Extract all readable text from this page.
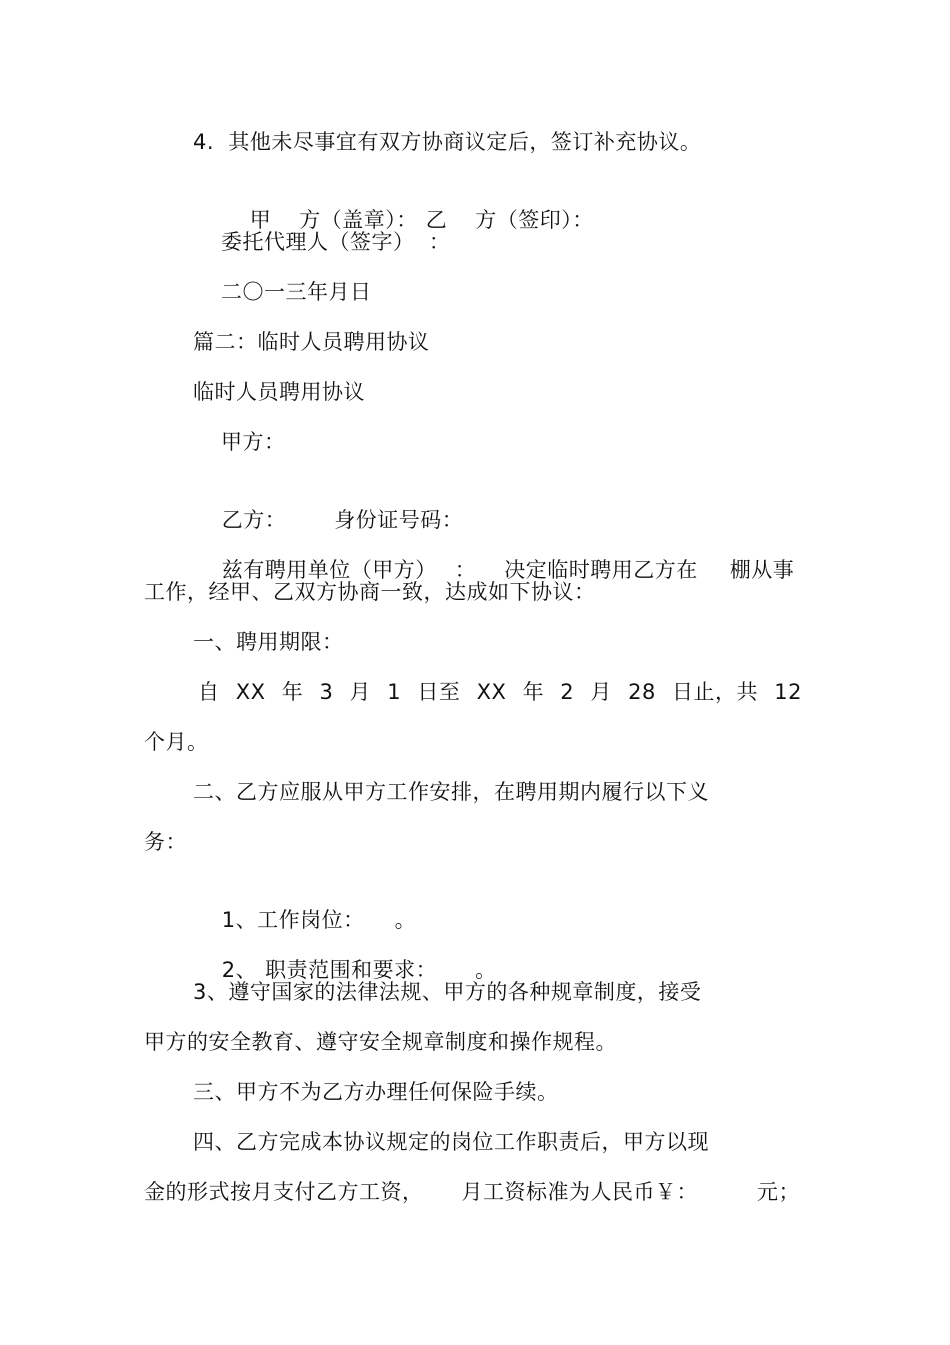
4.  其他未尽事宜有双方协商议定后，签订补充协议。

甲 方（盖章）： 乙 方（签印）：

委托代理人（签字）  ：
二〇一三年月日
篇二：临时人员聘用协议
临时人员聘用协议
甲方：

乙方： 身份证号码：

兹有聘用单位（甲方） ： 决定临时聘用乙方在 棚从事

工作，经甲、乙双方协商一致，达成如下协议：
一、聘用期限：
自 XX 年 3 月 1 日至 XX 年 2 月 28 日止，共 12
个月。
二、乙方应服从甲方工作安排，在聘用期内履行以下义
务：

1、工作岗位： 。

2、 职责范围和要求： 。

3、遵守国家的法律法规、甲方的各种规章制度，接受
甲方的安全教育、遵守安全规章制度和操作规程。
三、甲方不为乙方办理任何保险手续。
四、乙方完成本协议规定的岗位工作职责后，甲方以现
金的形式按月支付乙方工资， 月工资标准为人民币￥：	元；
